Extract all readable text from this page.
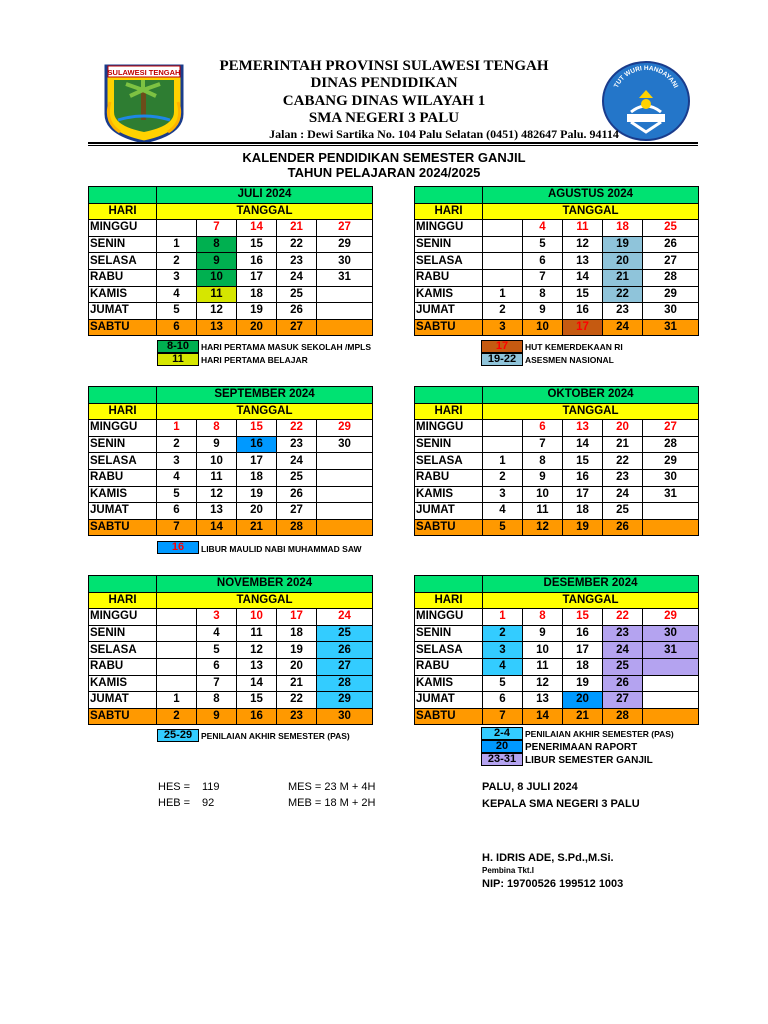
SULAWESI TENGAH
TUT WURI HANDAYANI
PEMERINTAH PROVINSI SULAWESI TENGAH
DINAS PENDIDIKAN
CABANG DINAS WILAYAH 1
SMA NEGERI 3 PALU
Jalan : Dewi Sartika No. 104 Palu Selatan (0451) 482647 Palu. 94114
KALENDER PENDIDIKAN SEMESTER GANJIL
TAHUN PELAJARAN 2024/2025
	JULI 2024				
HARI	TANGGAL				
MINGGU		7	14	21	27
SENIN	1	8	15	22	29
SELASA	2	9	16	23	30
RABU	3	10	17	24	31
KAMIS	4	11	18	25	
JUMAT	5	12	19	26	
SABTU	6	13	20	27	
	AGUSTUS 2024				
HARI	TANGGAL				
MINGGU		4	11	18	25
SENIN		5	12	19	26
SELASA		6	13	20	27
RABU		7	14	21	28
KAMIS	1	8	15	22	29
JUMAT	2	9	16	23	30
SABTU	3	10	17	24	31
	SEPTEMBER 2024				
HARI	TANGGAL				
MINGGU	1	8	15	22	29
SENIN	2	9	16	23	30
SELASA	3	10	17	24	
RABU	4	11	18	25	
KAMIS	5	12	19	26	
JUMAT	6	13	20	27	
SABTU	7	14	21	28	
	OKTOBER 2024				
HARI	TANGGAL				
MINGGU		6	13	20	27
SENIN		7	14	21	28
SELASA	1	8	15	22	29
RABU	2	9	16	23	30
KAMIS	3	10	17	24	31
JUMAT	4	11	18	25	
SABTU	5	12	19	26	
	NOVEMBER 2024				
HARI	TANGGAL				
MINGGU		3	10	17	24
SENIN		4	11	18	25
SELASA		5	12	19	26
RABU		6	13	20	27
KAMIS		7	14	21	28
JUMAT	1	8	15	22	29
SABTU	2	9	16	23	30
	DESEMBER 2024				
HARI	TANGGAL				
MINGGU	1	8	15	22	29
SENIN	2	9	16	23	30
SELASA	3	10	17	24	31
RABU	4	11	18	25	
KAMIS	5	12	19	26	
JUMAT	6	13	20	27	
SABTU	7	14	21	28	
8-10	HARI PERTAMA MASUK SEKOLAH /MPLS
11	HARI PERTAMA BELAJAR
17	HUT KEMERDEKAAN RI
19-22	ASESMEN NASIONAL
16	LIBUR MAULID NABI MUHAMMAD SAW
25-29	PENILAIAN AKHIR SEMESTER (PAS)	2-4	PENILAIAN AKHIR SEMESTER (PAS)
20	PENERIMAAN RAPORT
23-31 LIBUR SEMESTER GANJIL
HES = 119
HEB = 92
MES = 23 M + 4H
MEB = 18 M + 2H
PALU, 8 JULI 2024
KEPALA SMA NEGERI 3 PALU
H. IDRIS ADE, S.Pd.,M.Si.
Pembina Tkt.I
NIP: 19700526 199512 1003
